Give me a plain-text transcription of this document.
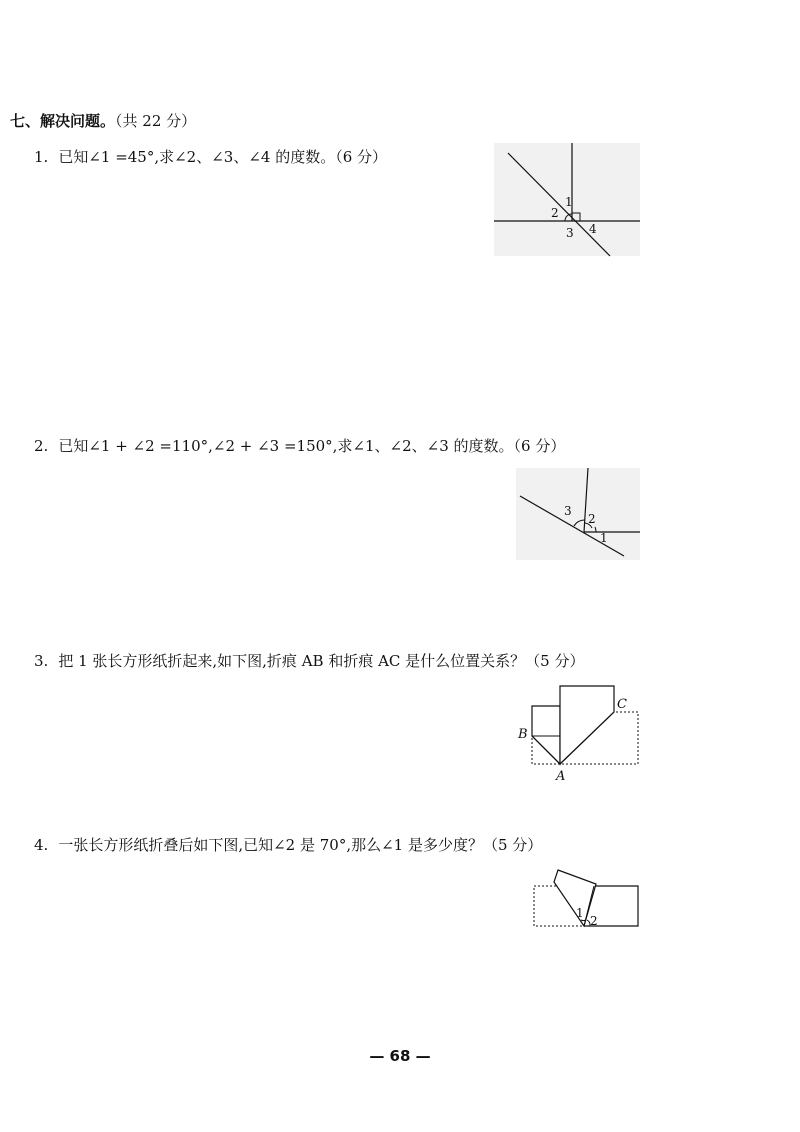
七、解决问题。（共 22 分）
1. 已知∠1 =45°,求∠2、∠3、∠4 的度数。（6 分）
1
2
3 4
2. 已知∠1 + ∠2 =110°,∠2 + ∠3 =150°,求∠1、∠2、∠3 的度数。（6 分）
1
2
3
3. 把 1 张长方形纸折起来,如下图,折痕 AB 和折痕 AC 是什么位置关系？（5 分）
A
B
C
4. 一张长方形纸折叠后如下图,已知∠2 是 70°,那么∠1 是多少度？（5 分）
1
2
— 68 —
